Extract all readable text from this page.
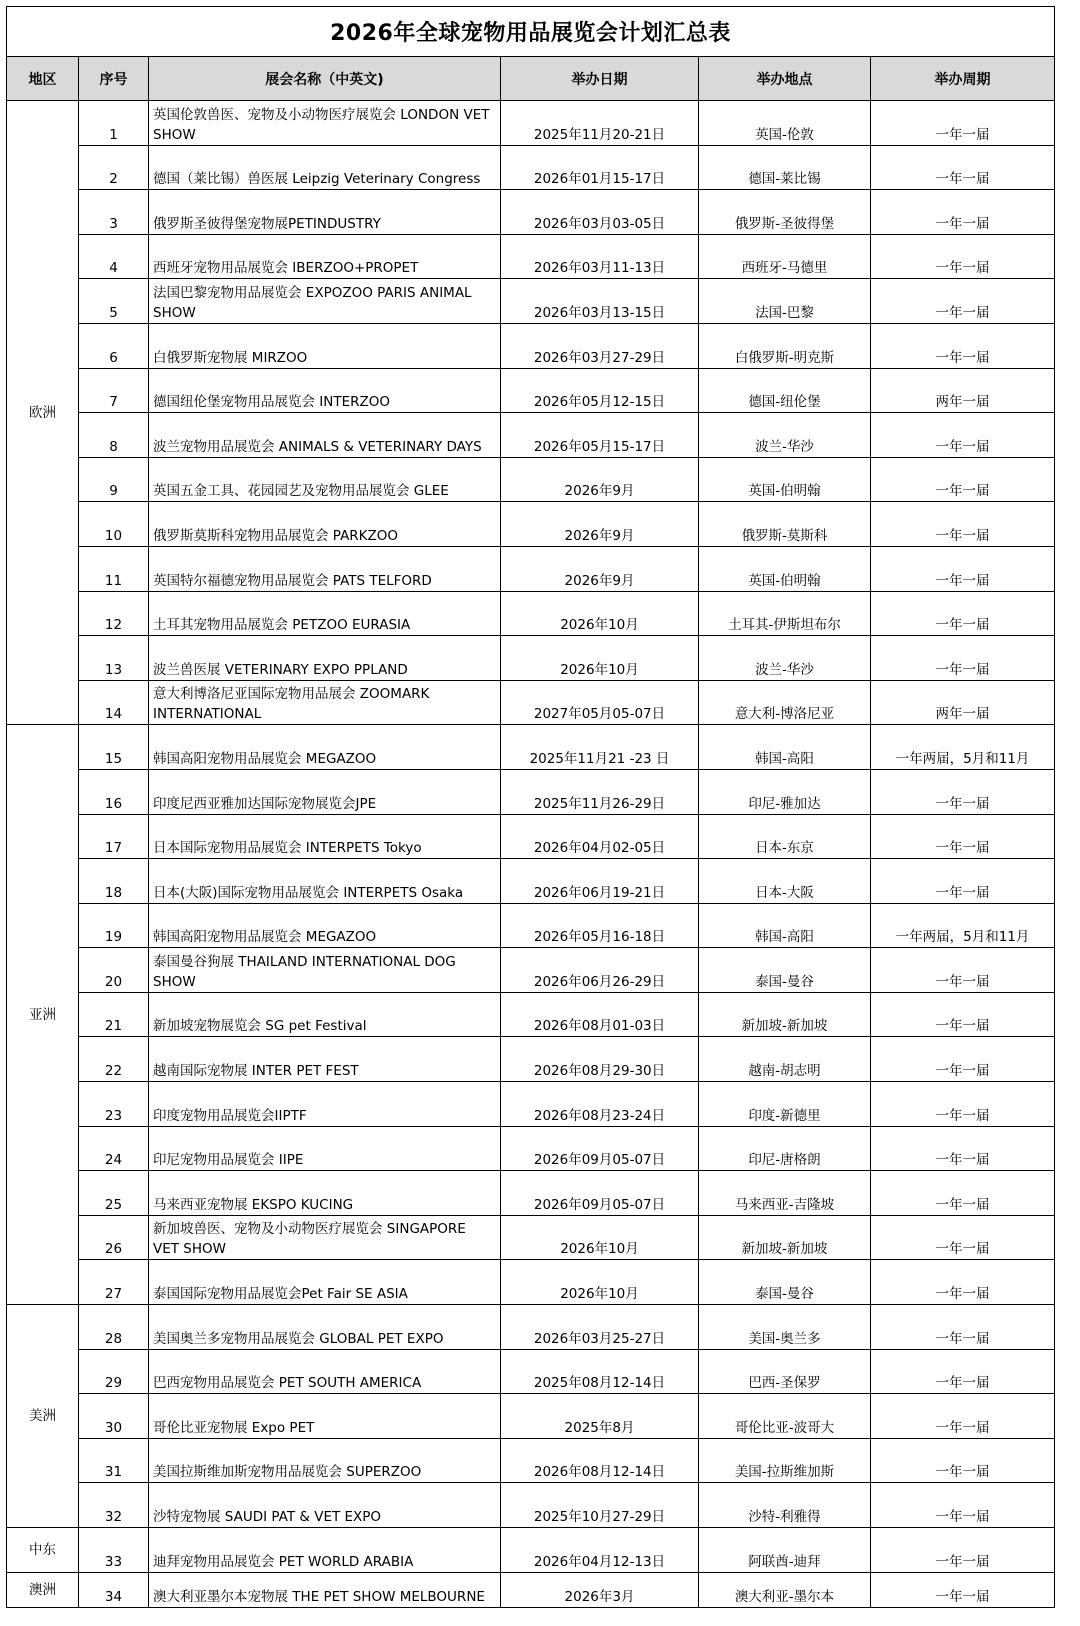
2026年全球宠物用品展览会计划汇总表					
地区	序号	展会名称（中英文)	举办日期	举办地点	举办周期
欧洲	1	英国伦敦兽医、宠物及小动物医疗展览会 LONDON VET SHOW	2025年11月20-21日	英国-伦敦	一年一届
	2	德国（莱比锡）兽医展 Leipzig Veterinary Congress	2026年01月15-17日	德国-莱比锡	一年一届
	3	俄罗斯圣彼得堡宠物展PETINDUSTRY	2026年03月03-05日	俄罗斯-圣彼得堡	一年一届
	4	西班牙宠物用品展览会 IBERZOO+PROPET	2026年03月11-13日	西班牙-马德里	一年一届
	5	法国巴黎宠物用品展览会 EXPOZOO PARIS ANIMAL SHOW	2026年03月13-15日	法国-巴黎	一年一届
	6	白俄罗斯宠物展 MIRZOO	2026年03月27-29日	白俄罗斯-明克斯	一年一届
	7	德国纽伦堡宠物用品展览会 INTERZOO	2026年05月12-15日	德国-纽伦堡	两年一届
	8	波兰宠物用品展览会 ANIMALS & VETERINARY DAYS	2026年05月15-17日	波兰-华沙	一年一届
	9	英国五金工具、花园园艺及宠物用品展览会 GLEE	2026年9月	英国-伯明翰	一年一届
	10	俄罗斯莫斯科宠物用品展览会 PARKZOO	2026年9月	俄罗斯-莫斯科	一年一届
	11	英国特尔福德宠物用品展览会 PATS TELFORD	2026年9月	英国-伯明翰	一年一届
	12	土耳其宠物用品展览会 PETZOO EURASIA	2026年10月	土耳其-伊斯坦布尔	一年一届
	13	波兰兽医展 VETERINARY EXPO PPLAND	2026年10月	波兰-华沙	一年一届
	14	意大利博洛尼亚国际宠物用品展会 ZOOMARK INTERNATIONAL	2027年05月05-07日	意大利-博洛尼亚	两年一届
亚洲	15	韩国高阳宠物用品展览会 MEGAZOO	2025年11月21 -23 日	韩国-高阳	一年两届，5月和11月
	16	印度尼西亚雅加达国际宠物展览会JPE	2025年11月26-29日	印尼-雅加达	一年一届
	17	日本国际宠物用品展览会 INTERPETS Tokyo	2026年04月02-05日	日本-东京	一年一届
	18	日本(大阪)国际宠物用品展览会 INTERPETS Osaka	2026年06月19-21日	日本-大阪	一年一届
	19	韩国高阳宠物用品展览会 MEGAZOO	2026年05月16-18日	韩国-高阳	一年两届，5月和11月
	20	泰国曼谷狗展 THAILAND INTERNATIONAL DOG SHOW	2026年06月26-29日	泰国-曼谷	一年一届
	21	新加坡宠物展览会 SG pet Festival	2026年08月01-03日	新加坡-新加坡	一年一届
	22	越南国际宠物展 INTER PET FEST	2026年08月29-30日	越南-胡志明	一年一届
	23	印度宠物用品展览会IIPTF	2026年08月23-24日	印度-新德里	一年一届
	24	印尼宠物用品展览会 IIPE	2026年09月05-07日	印尼-唐格朗	一年一届
	25	马来西亚宠物展 EKSPO KUCING	2026年09月05-07日	马来西亚-吉隆坡	一年一届
	26	新加坡兽医、宠物及小动物医疗展览会 SINGAPORE VET SHOW	2026年10月	新加坡-新加坡	一年一届
	27	泰国国际宠物用品展览会Pet Fair SE ASIA	2026年10月	泰国-曼谷	一年一届
美洲	28	美国奥兰多宠物用品展览会 GLOBAL PET EXPO	2026年03月25-27日	美国-奥兰多	一年一届
	29	巴西宠物用品展览会 PET SOUTH AMERICA	2025年08月12-14日	巴西-圣保罗	一年一届
	30	哥伦比亚宠物展 Expo PET	2025年8月	哥伦比亚-波哥大	一年一届
	31	美国拉斯维加斯宠物用品展览会 SUPERZOO	2026年08月12-14日	美国-拉斯维加斯	一年一届
	32	沙特宠物展 SAUDI PAT & VET EXPO	2025年10月27-29日	沙特-利雅得	一年一届
中东	33	迪拜宠物用品展览会 PET WORLD ARABIA	2026年04月12-13日	阿联酋-迪拜	一年一届
澳洲	34	澳大利亚墨尔本宠物展 THE PET SHOW MELBOURNE	2026年3月	澳大利亚-墨尔本	一年一届
